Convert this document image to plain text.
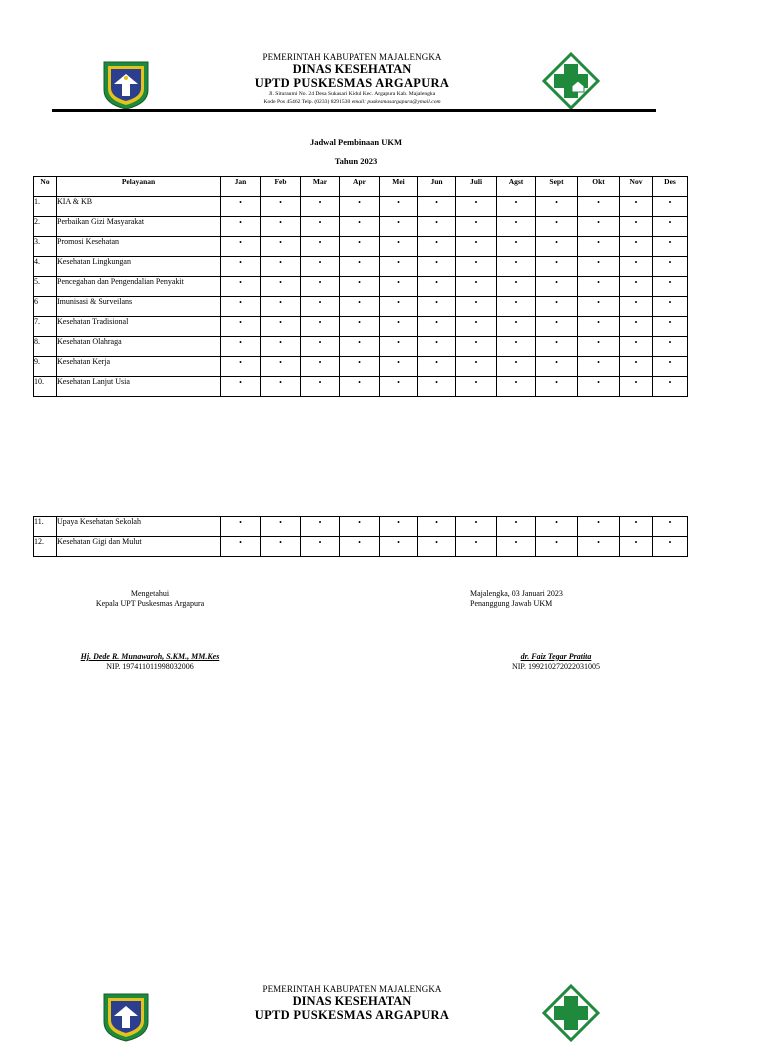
PEMERINTAH KABUPATEN MAJALENGKA
DINAS KESEHATAN
UPTD PUSKESMAS ARGAPURA
Jl. Situraumi No. 24 Desa Sukasari Kidul Kec. Argapura Kab. Majalengka
Kode Pos 45462 Telp. (0233) 8291530 email: puskesmasargapura@ymail.com
Jadwal Pembinaan UKM
Tahun 2023
No	Pelayanan	Jan	Feb	Mar	Apr	Mei	Jun	Juli	Agst	Sept	Okt	Nov	Des
1.	KIA & KB	•	•	•	•	•	•	•	•	•	•	•	•
2.	Perbaikan Gizi Masyarakat	•	•	•	•	•	•	•	•	•	•	•	•
3.	Promosi Kesehatan	•	•	•	•	•	•	•	•	•	•	•	•
4.	Kesehatan Lingkungan	•	•	•	•	•	•	•	•	•	•	•	•
5.	Pencegahan dan Pengendalian Penyakit	•	•	•	•	•	•	•	•	•	•	•	•
6	Imunisasi & Surveilans	•	•	•	•	•	•	•	•	•	•	•	•
7.	Kesehatan Tradisional	•	•	•	•	•	•	•	•	•	•	•	•
8.	Kesehatan Olahraga	•	•	•	•	•	•	•	•	•	•	•	•
9.	Kesehatan Kerja	•	•	•	•	•	•	•	•	•	•	•	•
10.	Kesehatan Lanjut Usia	•	•	•	•	•	•	•	•	•	•	•	•
11.	Upaya Kesehatan Sekolah	•	•	•	•	•	•	•	•	•	•	•	•
12.	Kesehatan Gigi dan Mulut	•	•	•	•	•	•	•	•	•	•	•	•
Mengetahui
Kepala UPT Puskesmas Argapura
Majalengka, 03 Januari 2023
Penanggung Jawab UKM
Hj. Dede R. Munawaroh, S.KM., MM.Kes
NIP. 197411011998032006
dr. Faiz Tegar Pratita
NIP. 199210272022031005
PEMERINTAH KABUPATEN MAJALENGKA
DINAS KESEHATAN
UPTD PUSKESMAS ARGAPURA
